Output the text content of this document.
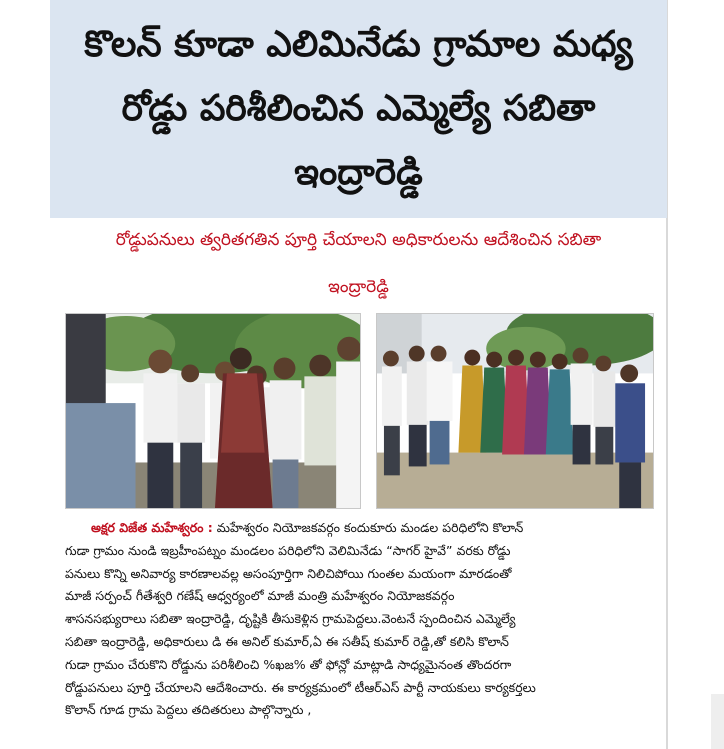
కొలన్ కూడా ఎలిమినేడు గ్రామాల మధ్య
రోడ్డు పరిశీలించిన ఎమ్మెల్యే సబితా
ఇంద్రారెడ్డి
రోడ్డుపనులు త్వరితగతిన పూర్తి చేయాలని అధికారులను ఆదేశించిన సబితా
ఇంద్రారెడ్డి
అక్షర విజేత మహేశ్వరం : మహేశ్వరం నియోజకవర్గం కందుకూరు మండల పరిధిలోని కొలాన్
గుడా గ్రామం నుండి ఇబ్రహీంపట్నం మండలం పరిధిలోని వెలిమినేడు “సాగర్ హైవే” వరకు రోడ్డు
పనులు కొన్ని అనివార్య కారణాలవల్ల అసంపూర్తిగా నిలిచిపోయి గుంతల మయంగా మారడంతో
మాజీ సర్పంచ్ గీతేశ్వరి గణేష్ ఆధ్వర్యంలో మాజీ మంత్రి మహేశ్వరం నియోజకవర్గం
శాసనసభ్యురాలు సబితా ఇంద్రారెడ్డి, దృష్టికి తీసుకెళ్లిన గ్రామపెద్దలు.వెంటనే స్పందించిన ఎమ్మెల్యే
సబితా ఇంద్రారెడ్డి, అధికారులు డి ఈ అనిల్ కుమార్,ఏ ఈ సతీష్ కుమార్ రెడ్డి,తో కలిసి కొలాన్
గుడా గ్రామం చేరుకొని రోడ్డును పరిశీలించి %ఖజ% తో ఫోన్లో మాట్లాడి సాధ్యమైనంత తొందరగా
రోడ్డుపనులు పూర్తి చేయాలని ఆదేశించారు. ఈ కార్యక్రమంలో టీఆర్ఎస్ పార్టీ నాయకులు కార్యకర్తలు
కొలాన్ గూడ గ్రామ పెద్దలు తదితరులు పాల్గొన్నారు ,
